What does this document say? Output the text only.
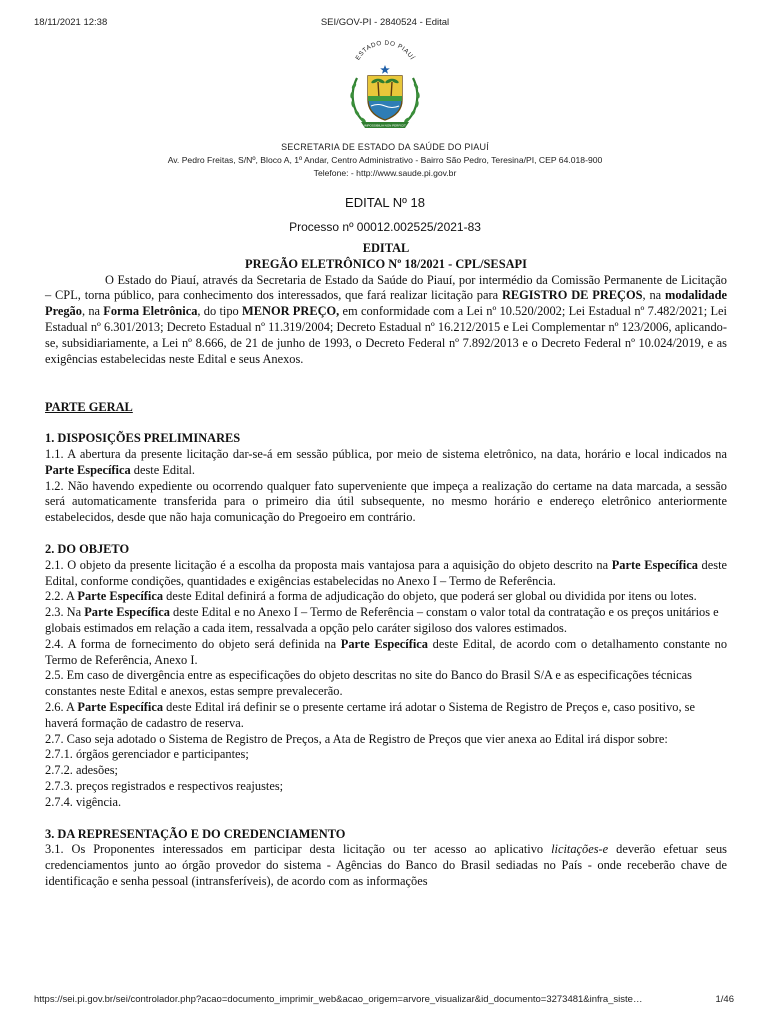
18/11/2021 12:38	SEI/GOV-PI - 2840524 - Edital
ESTADO DO PIAUÍ
IMPOSSIBILIA NON PERFICIT
SECRETARIA DE ESTADO DA SAÚDE DO PIAUÍ
Av. Pedro Freitas, S/Nº, Bloco A, 1º Andar, Centro Administrativo - Bairro São Pedro, Teresina/PI, CEP 64.018-900
Telefone: - http://www.saude.pi.gov.br
EDITAL Nº 18
Processo nº 00012.002525/2021-83

EDITAL

PREGÃO ELETRÔNICO Nº 18/2021 - CPL/SESAPI

O Estado do Piauí, através da Secretaria de Estado da Saúde do Piauí, por intermédio da Comissão Permanente de Licitação – CPL, torna público, para conhecimento dos interessados, que fará realizar licitação para REGISTRO DE PREÇOS, na modalidade Pregão, na Forma Eletrônica, do tipo MENOR PREÇO, em conformidade com a Lei nº 10.520/2002; Lei Estadual nº 7.482/2021; Lei Estadual nº 6.301/2013; Decreto Estadual nº 11.319/2004; Decreto Estadual nº 16.212/2015 e Lei Complementar nº 123/2006, aplicando-se, subsidiariamente, a Lei nº 8.666, de 21 de junho de 1993, o Decreto Federal nº 7.892/2013 e o Decreto Federal nº 10.024/2019, e as exigências estabelecidas neste Edital e seus Anexos.

PARTE GERAL

1. DISPOSIÇÕES PRELIMINARES

1.1. A abertura da presente licitação dar-se-á em sessão pública, por meio de sistema eletrônico, na data, horário e local indicados na Parte Específica deste Edital.

1.2. Não havendo expediente ou ocorrendo qualquer fato superveniente que impeça a realização do certame na data marcada, a sessão será automaticamente transferida para o primeiro dia útil subsequente, no mesmo horário e endereço eletrônico anteriormente estabelecidos, desde que não haja comunicação do Pregoeiro em contrário.

2. DO OBJETO

2.1. O objeto da presente licitação é a escolha da proposta mais vantajosa para a aquisição do objeto descrito na Parte Específica deste Edital, conforme condições, quantidades e exigências estabelecidas no Anexo I – Termo de Referência.

2.2. A Parte Específica deste Edital definirá a forma de adjudicação do objeto, que poderá ser global ou dividida por itens ou lotes.

2.3. Na Parte Específica deste Edital e no Anexo I – Termo de Referência – constam o valor total da contratação e os preços unitários e globais estimados em relação a cada item, ressalvada a opção pelo caráter sigiloso dos valores estimados.

2.4. A forma de fornecimento do objeto será definida na Parte Específica deste Edital, de acordo com o detalhamento constante no Termo de Referência, Anexo I.

2.5. Em caso de divergência entre as especificações do objeto descritas no site do Banco do Brasil S/A e as especificações técnicas constantes neste Edital e anexos, estas sempre prevalecerão.

2.6. A Parte Específica deste Edital irá definir se o presente certame irá adotar o Sistema de Registro de Preços e, caso positivo, se haverá formação de cadastro de reserva.

2.7. Caso seja adotado o Sistema de Registro de Preços, a Ata de Registro de Preços que vier anexa ao Edital irá dispor sobre:

2.7.1. órgãos gerenciador e participantes;

2.7.2. adesões;

2.7.3. preços registrados e respectivos reajustes;

2.7.4. vigência.

3. DA REPRESENTAÇÃO E DO CREDENCIAMENTO

3.1. Os Proponentes interessados em participar desta licitação ou ter acesso ao aplicativo licitações-e deverão efetuar seus credenciamentos junto ao órgão provedor do sistema - Agências do Banco do Brasil sediadas no País - onde receberão chave de identificação e senha pessoal (intransferíveis), de acordo com as informações

https://sei.pi.gov.br/sei/controlador.php?acao=documento_imprimir_web&acao_origem=arvore_visualizar&id_documento=3273481&infra_siste…	1/46
